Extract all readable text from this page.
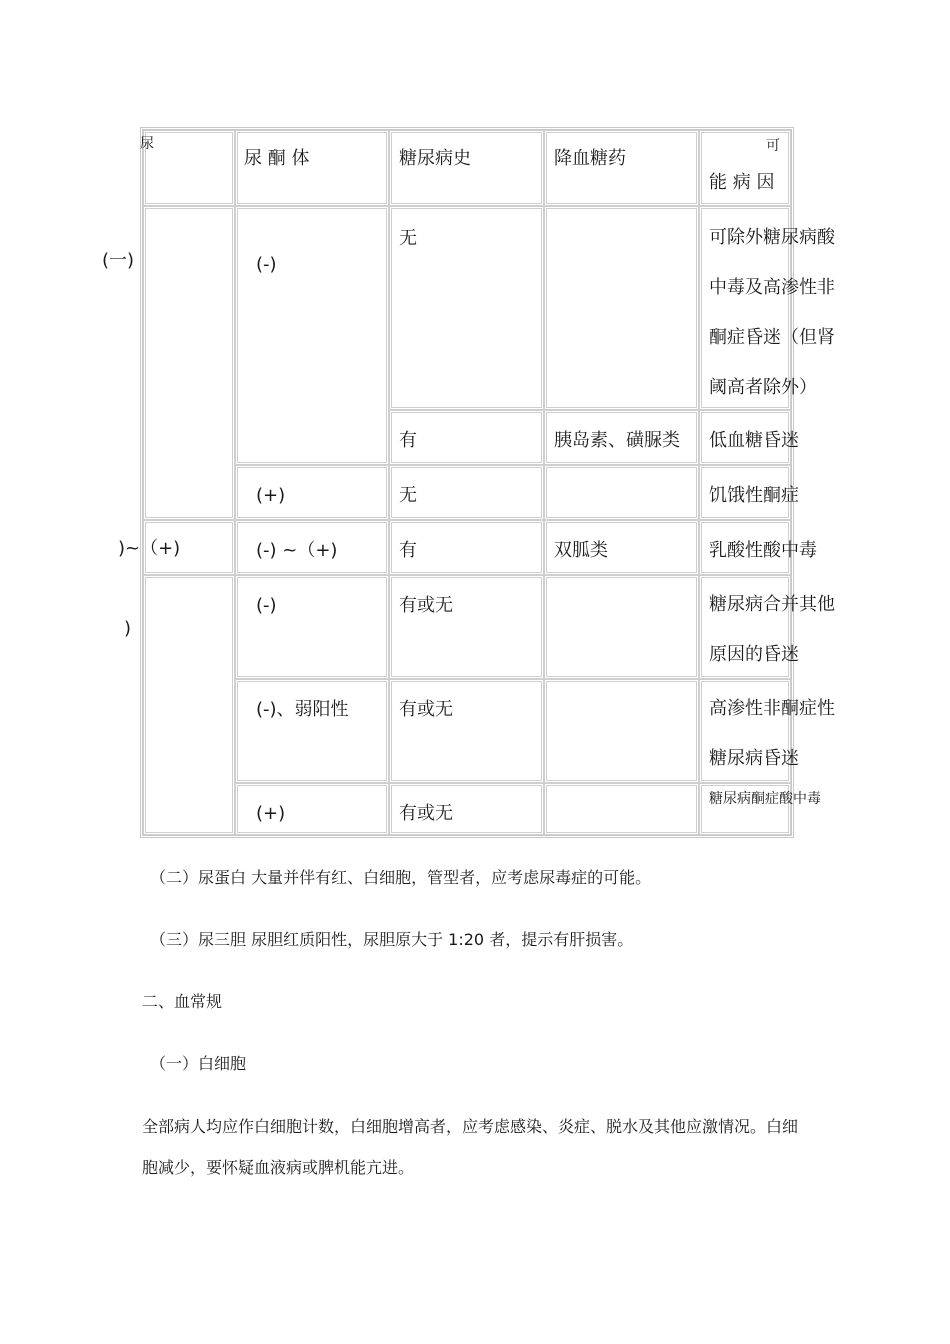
(一)
)~（+)
)
尿
尿 酮 体	糖尿病史	降血糖药
可
能 病 因
(-)
(+)
(-) ~（+)
(-)
(-)、弱阳性
(+)
无
有
无
有
有或无
有或无
有或无
胰岛素、磺脲类
双胍类
可除外糖尿病酸中毒及高渗性非酮症昏迷（但肾阈高者除外）
低血糖昏迷
饥饿性酮症
乳酸性酸中毒
糖尿病合并其他原因的昏迷
高渗性非酮症性糖尿病昏迷
糖尿病酮症酸中毒
（二）尿蛋白 大量并伴有红、白细胞，管型者，应考虑尿毒症的可能。
（三）尿三胆 尿胆红质阳性，尿胆原大于 1:20 者，提示有肝损害。
二、血常规
（一）白细胞
全部病人均应作白细胞计数，白细胞增高者，应考虑感染、炎症、脱水及其他应激情况。白细
胞减少，要怀疑血液病或脾机能亢进。
